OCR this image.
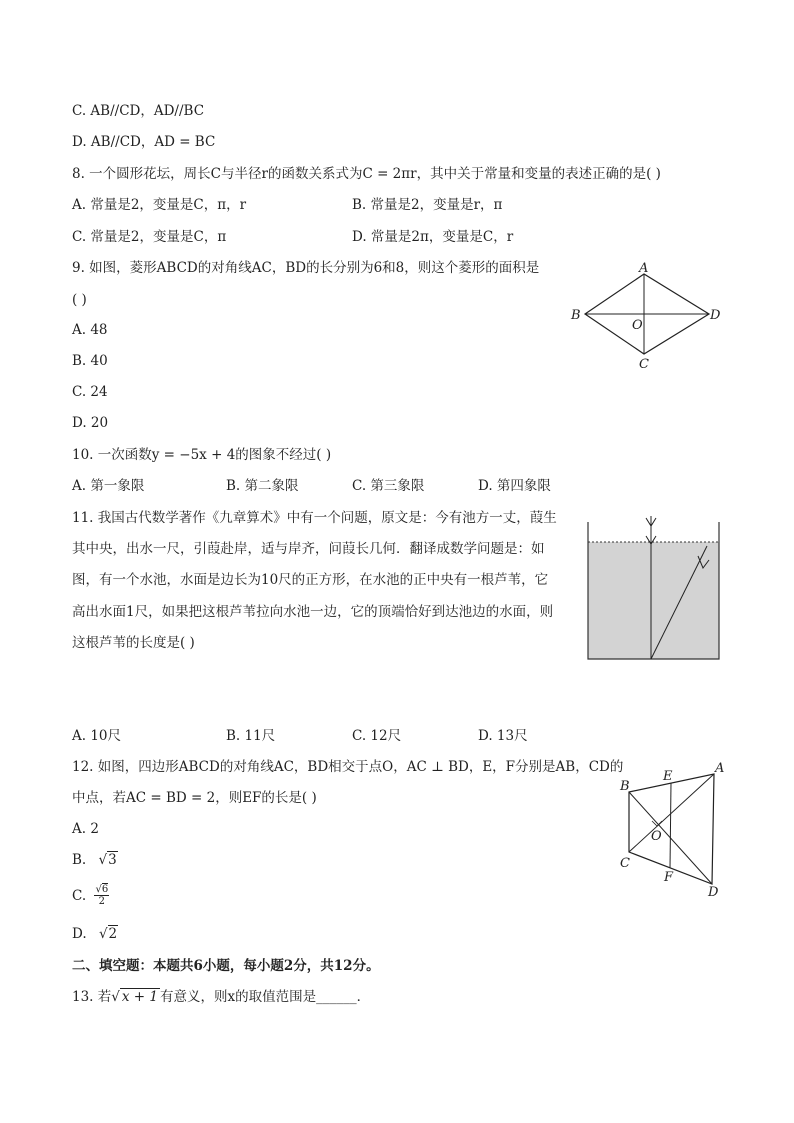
C. AB//CD，AD//BC
D. AB//CD，AD = BC
8. 一个圆形花坛，周长C与半径r的函数关系式为C = 2πr，其中关于常量和变量的表述正确的是( )
A. 常量是2，变量是C，π，r	B. 常量是2，变量是r，π
C. 常量是2，变量是C，π	D. 常量是2π，变量是C，r
9. 如图，菱形ABCD的对角线AC，BD的长分别为6和8，则这个菱形的面积是
( )
A. 48
B. 40
C. 24
D. 20
A
B
C
D
O
10. 一次函数y = −5x + 4的图象不经过( )
A. 第一象限	B. 第二象限	C. 第三象限	D. 第四象限
11. 我国古代数学著作《九章算术》中有一个问题，原文是：今有池方一丈，葭生
其中央，出水一尺，引葭赴岸，适与岸齐，问葭长几何．翻译成数学问题是：如
图，有一个水池，水面是边长为10尺的正方形，在水池的正中央有一根芦苇，它
高出水面1尺，如果把这根芦苇拉向水池一边，它的顶端恰好到达池边的水面，则
这根芦苇的长度是( )
A. 10尺	B. 11尺	C. 12尺	D. 13尺
12. 如图，四边形ABCD的对角线AC，BD相交于点O，AC ⊥ BD，E，F分别是AB，CD的
中点，若AC = BD = 2，则EF的长是( )
A. 2
B. √3
C. $\frac{√6}{2}$
D. √2
A
B
C
D
E
F
O
二、填空题：本题共6小题，每小题2分，共12分。
13. 若√ x + 1 有意义，则x的取值范围是______．
